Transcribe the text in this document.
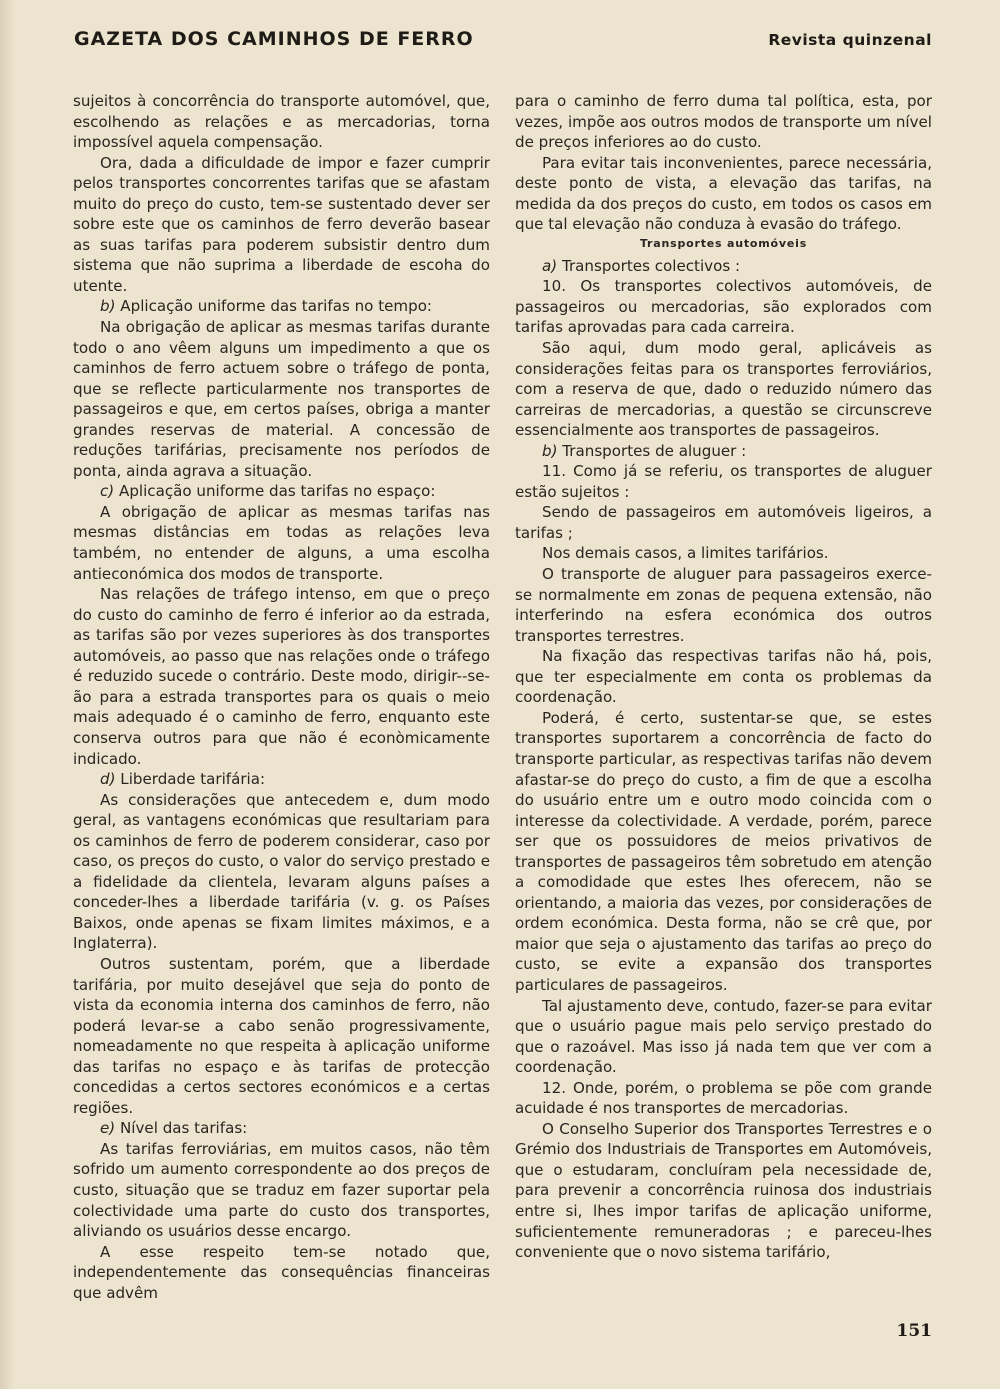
GAZETA DOS CAMINHOS DE FERRO	Revista quinzenal

sujeitos à concorrência do transporte automóvel, que, escolhendo as relações e as mercadorias, torna impossível aquela compensação.

Ora, dada a dificuldade de impor e fazer cumprir pelos transportes concorrentes tarifas que se afastam muito do preço do custo, tem-se sustentado dever ser sobre este que os caminhos de ferro deverão basear as suas tarifas para poderem subsistir dentro dum sistema que não suprima a liberdade de escoha do utente.

b) Aplicação uniforme das tarifas no tempo:

Na obrigação de aplicar as mesmas tarifas durante todo o ano vêem alguns um impedimento a que os caminhos de ferro actuem sobre o tráfego de ponta, que se reflecte particularmente nos transportes de passageiros e que, em certos países, obriga a manter grandes reservas de material. A concessão de reduções tarifárias, precisamente nos períodos de ponta, ainda agrava a situação.

c) Aplicação uniforme das tarifas no espaço:

A obrigação de aplicar as mesmas tarifas nas mesmas distâncias em todas as relações leva também, no entender de alguns, a uma escolha antieconómica dos modos de transporte.

Nas relações de tráfego intenso, em que o preço do custo do caminho de ferro é inferior ao da estrada, as tarifas são por vezes superiores às dos transportes automóveis, ao passo que nas relações onde o tráfego é reduzido sucede o contrário. Deste modo, dirigir--se-ão para a estrada transportes para os quais o meio mais adequado é o caminho de ferro, enquanto este conserva outros para que não é econòmicamente indicado.

d) Liberdade tarifária:

As considerações que antecedem e, dum modo geral, as vantagens económicas que resultariam para os caminhos de ferro de poderem considerar, caso por caso, os preços do custo, o valor do serviço prestado e a fidelidade da clientela, levaram alguns países a conceder-lhes a liberdade tarifária (v. g. os Países Baixos, onde apenas se fixam limites máximos, e a Inglaterra).

Outros sustentam, porém, que a liberdade tarifária, por muito desejável que seja do ponto de vista da economia interna dos caminhos de ferro, não poderá levar-se a cabo senão progressivamente, nomeadamente no que respeita à aplicação uniforme das tarifas no espaço e às tarifas de protecção concedidas a certos sectores económicos e a certas regiões.

e) Nível das tarifas:

As tarifas ferroviárias, em muitos casos, não têm sofrido um aumento correspondente ao dos preços de custo, situação que se traduz em fazer suportar pela colectividade uma parte do custo dos transportes, aliviando os usuários desse encargo.

A esse respeito tem-se notado que, independentemente das consequências financeiras que advêm

para o caminho de ferro duma tal política, esta, por vezes, impõe aos outros modos de transporte um nível de preços inferiores ao do custo.

Para evitar tais inconvenientes, parece necessária, deste ponto de vista, a elevação das tarifas, na medida da dos preços do custo, em todos os casos em que tal elevação não conduza à evasão do tráfego.

Transportes automóveis

a) Transportes colectivos :

10. Os transportes colectivos automóveis, de passageiros ou mercadorias, são explorados com tarifas aprovadas para cada carreira.

São aqui, dum modo geral, aplicáveis as considerações feitas para os transportes ferroviários, com a reserva de que, dado o reduzido número das carreiras de mercadorias, a questão se circunscreve essencialmente aos transportes de passageiros.

b) Transportes de aluguer :

11. Como já se referiu, os transportes de aluguer estão sujeitos :

Sendo de passageiros em automóveis ligeiros, a tarifas ;

Nos demais casos, a limites tarifários.

O transporte de aluguer para passageiros exerce-se normalmente em zonas de pequena extensão, não interferindo na esfera económica dos outros transportes terrestres.

Na fixação das respectivas tarifas não há, pois, que ter especialmente em conta os problemas da coordenação.

Poderá, é certo, sustentar-se que, se estes transportes suportarem a concorrência de facto do transporte particular, as respectivas tarifas não devem afastar-se do preço do custo, a fim de que a escolha do usuário entre um e outro modo coincida com o interesse da colectividade. A verdade, porém, parece ser que os possuidores de meios privativos de transportes de passageiros têm sobretudo em atenção a comodidade que estes lhes oferecem, não se orientando, a maioria das vezes, por considerações de ordem económica. Desta forma, não se crê que, por maior que seja o ajustamento das tarifas ao preço do custo, se evite a expansão dos transportes particulares de passageiros.

Tal ajustamento deve, contudo, fazer-se para evitar que o usuário pague mais pelo serviço prestado do que o razoável. Mas isso já nada tem que ver com a coordenação.

12. Onde, porém, o problema se põe com grande acuidade é nos transportes de mercadorias.

O Conselho Superior dos Transportes Terrestres e o Grémio dos Industriais de Transportes em Automóveis, que o estudaram, concluíram pela necessidade de, para prevenir a concorrência ruinosa dos industriais entre si, lhes impor tarifas de aplicação uniforme, suficientemente remuneradoras ; e pareceu-lhes conveniente que o novo sistema tarifário,

151
